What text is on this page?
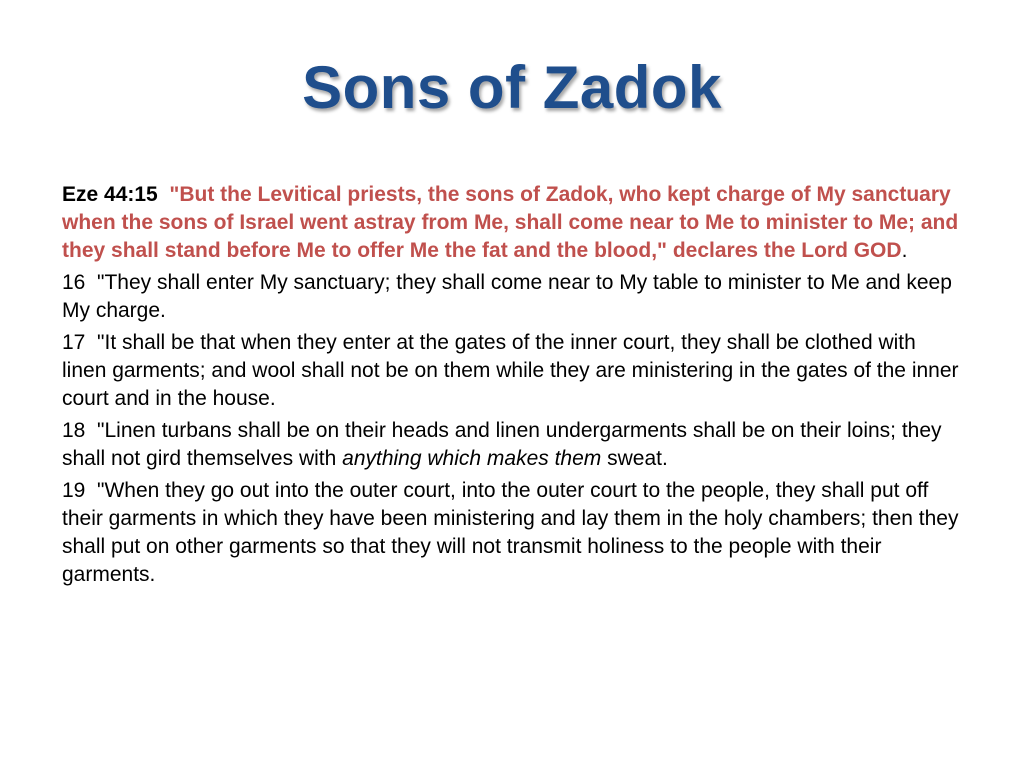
Sons of Zadok

Eze 44:15 "But the Levitical priests, the sons of Zadok, who kept charge of My sanctuary when the sons of Israel went astray from Me, shall come near to Me to minister to Me; and they shall stand before Me to offer Me the fat and the blood," declares the Lord GOD.

16  "They shall enter My sanctuary; they shall come near to My table to minister to Me and keep My charge.

17  "It shall be that when they enter at the gates of the inner court, they shall be clothed with linen garments; and wool shall not be on them while they are ministering in the gates of the inner court and in the house.

18  "Linen turbans shall be on their heads and linen undergarments shall be on their loins; they shall not gird themselves with anything which makes them sweat.

19  "When they go out into the outer court, into the outer court to the people, they shall put off their garments in which they have been ministering and lay them in the holy chambers; then they shall put on other garments so that they will not transmit holiness to the people with their garments.
